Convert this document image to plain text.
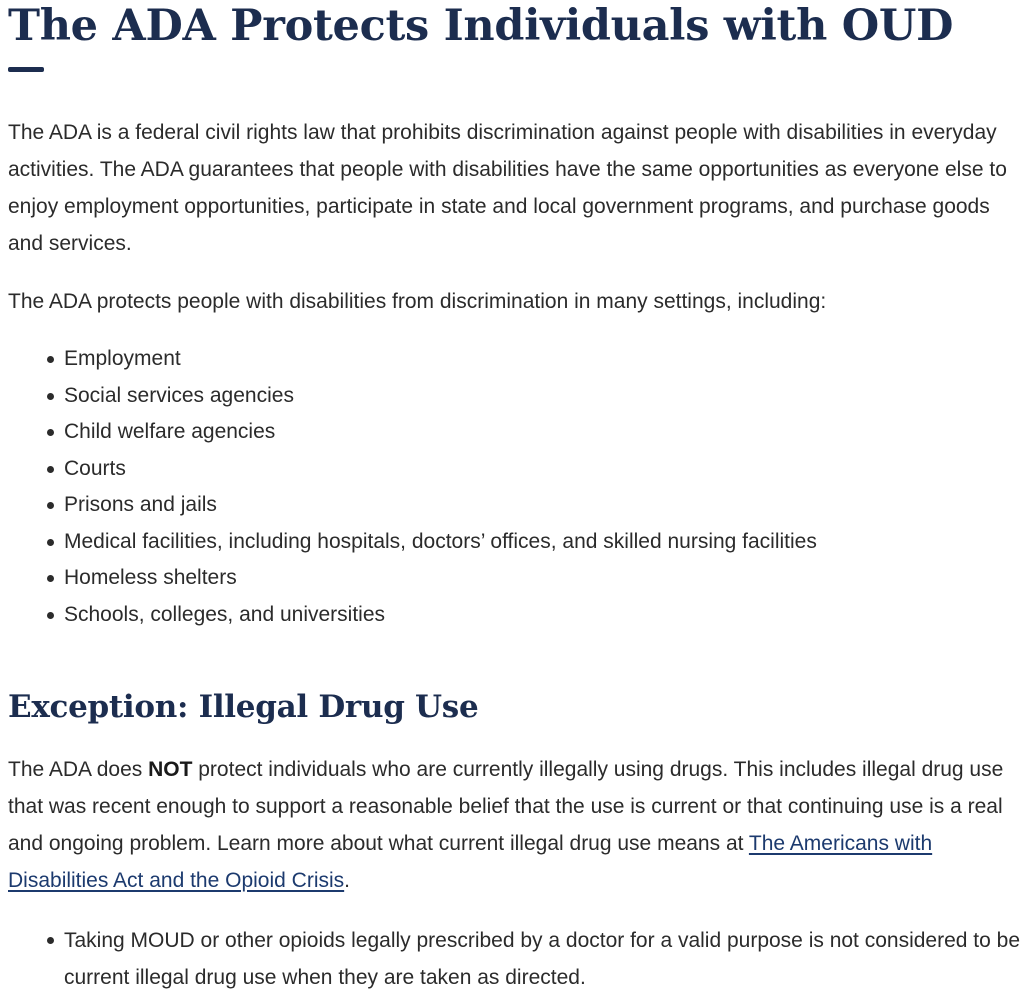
The ADA Protects Individuals with OUD

The ADA is a federal civil rights law that prohibits discrimination against people with disabilities in everyday activities. The ADA guarantees that people with disabilities have the same opportunities as everyone else to enjoy employment opportunities, participate in state and local government programs, and purchase goods and services.

The ADA protects people with disabilities from discrimination in many settings, including:

Employment
Social services agencies
Child welfare agencies
Courts
Prisons and jails
Medical facilities, including hospitals, doctors’ offices, and skilled nursing facilities
Homeless shelters
Schools, colleges, and universities
Exception: Illegal Drug Use

The ADA does NOT protect individuals who are currently illegally using drugs. This includes illegal drug use that was recent enough to support a reasonable belief that the use is current or that continuing use is a real and ongoing problem. Learn more about what current illegal drug use means at The Americans with Disabilities Act and the Opioid Crisis.

Taking MOUD or other opioids legally prescribed by a doctor for a valid purpose is not considered to be current illegal drug use when they are taken as directed.
